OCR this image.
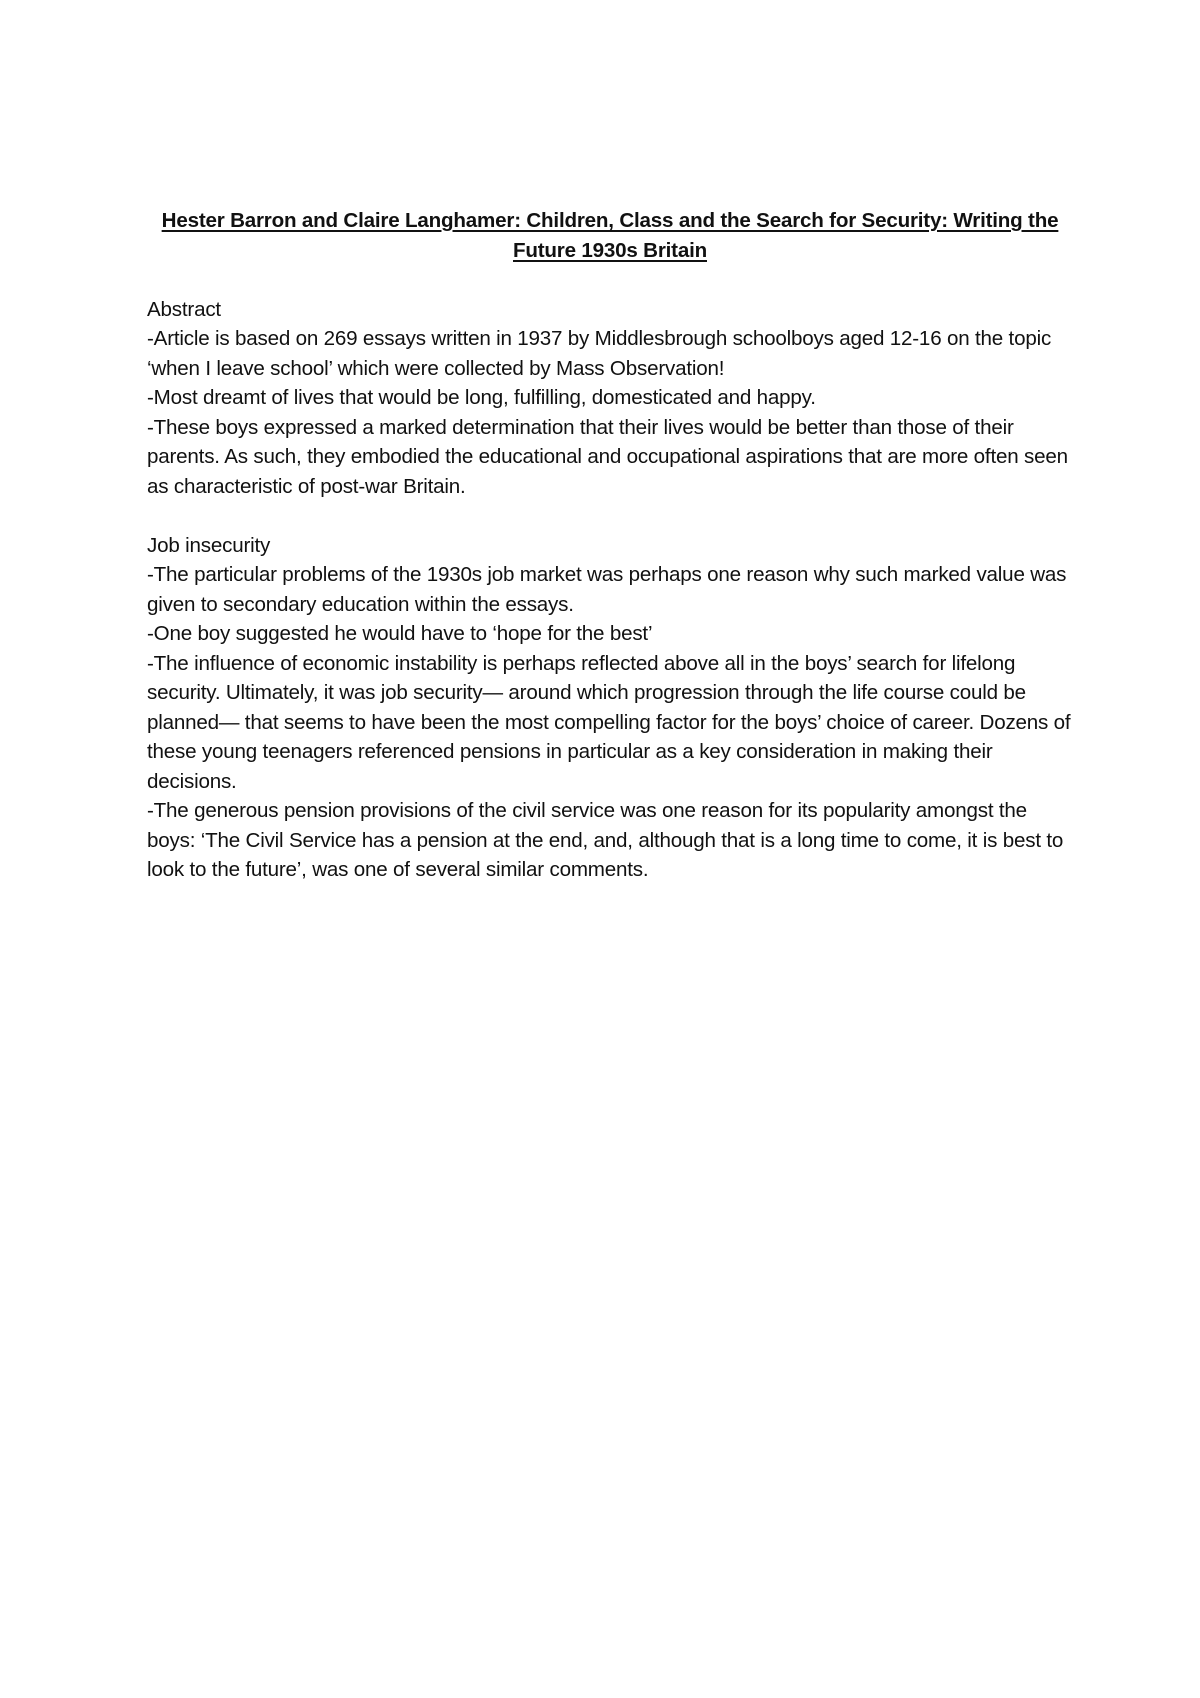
Hester Barron and Claire Langhamer: Children, Class and the Search for Security: Writing the Future 1930s Britain
Abstract
-Article is based on 269 essays written in 1937 by Middlesbrough schoolboys aged 12-16 on the topic ‘when I leave school’ which were collected by Mass Observation!
-Most dreamt of lives that would be long, fulfilling, domesticated and happy.
-These boys expressed a marked determination that their lives would be better than those of their parents. As such, they embodied the educational and occupational aspirations that are more often seen as characteristic of post-war Britain.
Job insecurity
-The particular problems of the 1930s job market was perhaps one reason why such marked value was given to secondary education within the essays.
-One boy suggested he would have to ‘hope for the best’
-The influence of economic instability is perhaps reflected above all in the boys’ search for lifelong security. Ultimately, it was job security— around which progression through the life course could be planned— that seems to have been the most compelling factor for the boys’ choice of career. Dozens of these young teenagers referenced pensions in particular as a key consideration in making their decisions.
-The generous pension provisions of the civil service was one reason for its popularity amongst the boys: ‘The Civil Service has a pension at the end, and, although that is a long time to come, it is best to look to the future’, was one of several similar comments.
